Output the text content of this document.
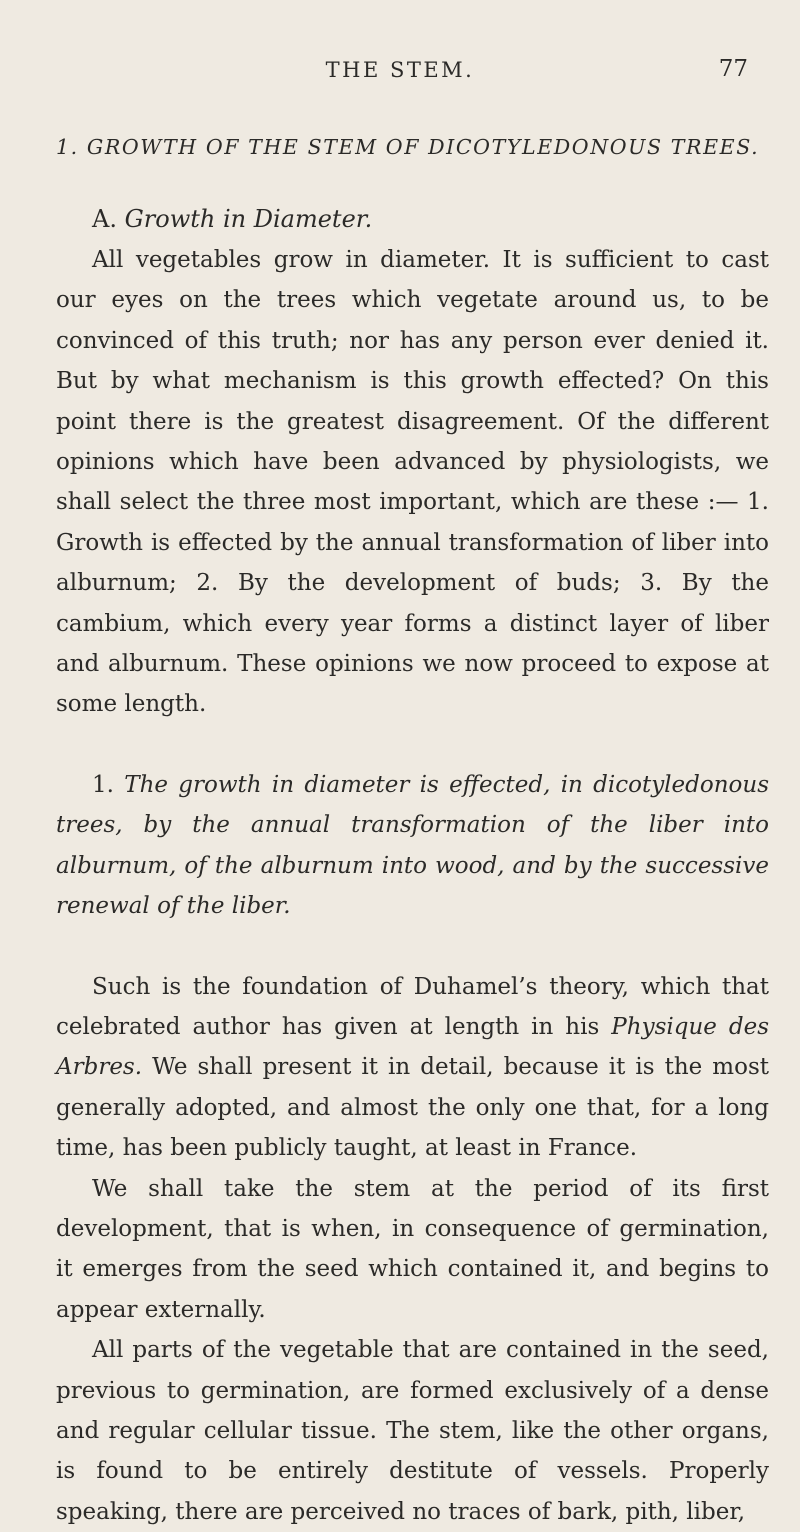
THE STEM.	77
1. GROWTH OF THE STEM OF DICOTYLEDONOUS TREES.
A. Growth in Diameter.

All vegetables grow in diameter. It is sufficient to cast our eyes on the trees which vegetate around us, to be convinced of this truth; nor has any person ever denied it. But by what mechanism is this growth effected? On this point there is the greatest disagreement. Of the different opinions which have been advanced by physiologists, we shall select the three most important, which are these :— 1. Growth is effected by the annual transformation of liber into alburnum; 2. By the development of buds; 3. By the cambium, which every year forms a distinct layer of liber and alburnum. These opinions we now proceed to expose at some length.

1. The growth in diameter is effected, in dicotyledonous trees, by the annual transformation of the liber into alburnum, of the alburnum into wood, and by the successive renewal of the liber.

Such is the foundation of Duhamel’s theory, which that celebrated author has given at length in his Physique des Arbres. We shall present it in detail, because it is the most generally adopted, and almost the only one that, for a long time, has been publicly taught, at least in France.

We shall take the stem at the period of its first development, that is when, in consequence of germination, it emerges from the seed which contained it, and begins to appear externally.

All parts of the vegetable that are contained in the seed, previous to germination, are formed exclusively of a dense and regular cellular tissue. The stem, like the other organs, is found to be entirely destitute of vessels. Properly speaking, there are perceived no traces of bark, pith, liber,
